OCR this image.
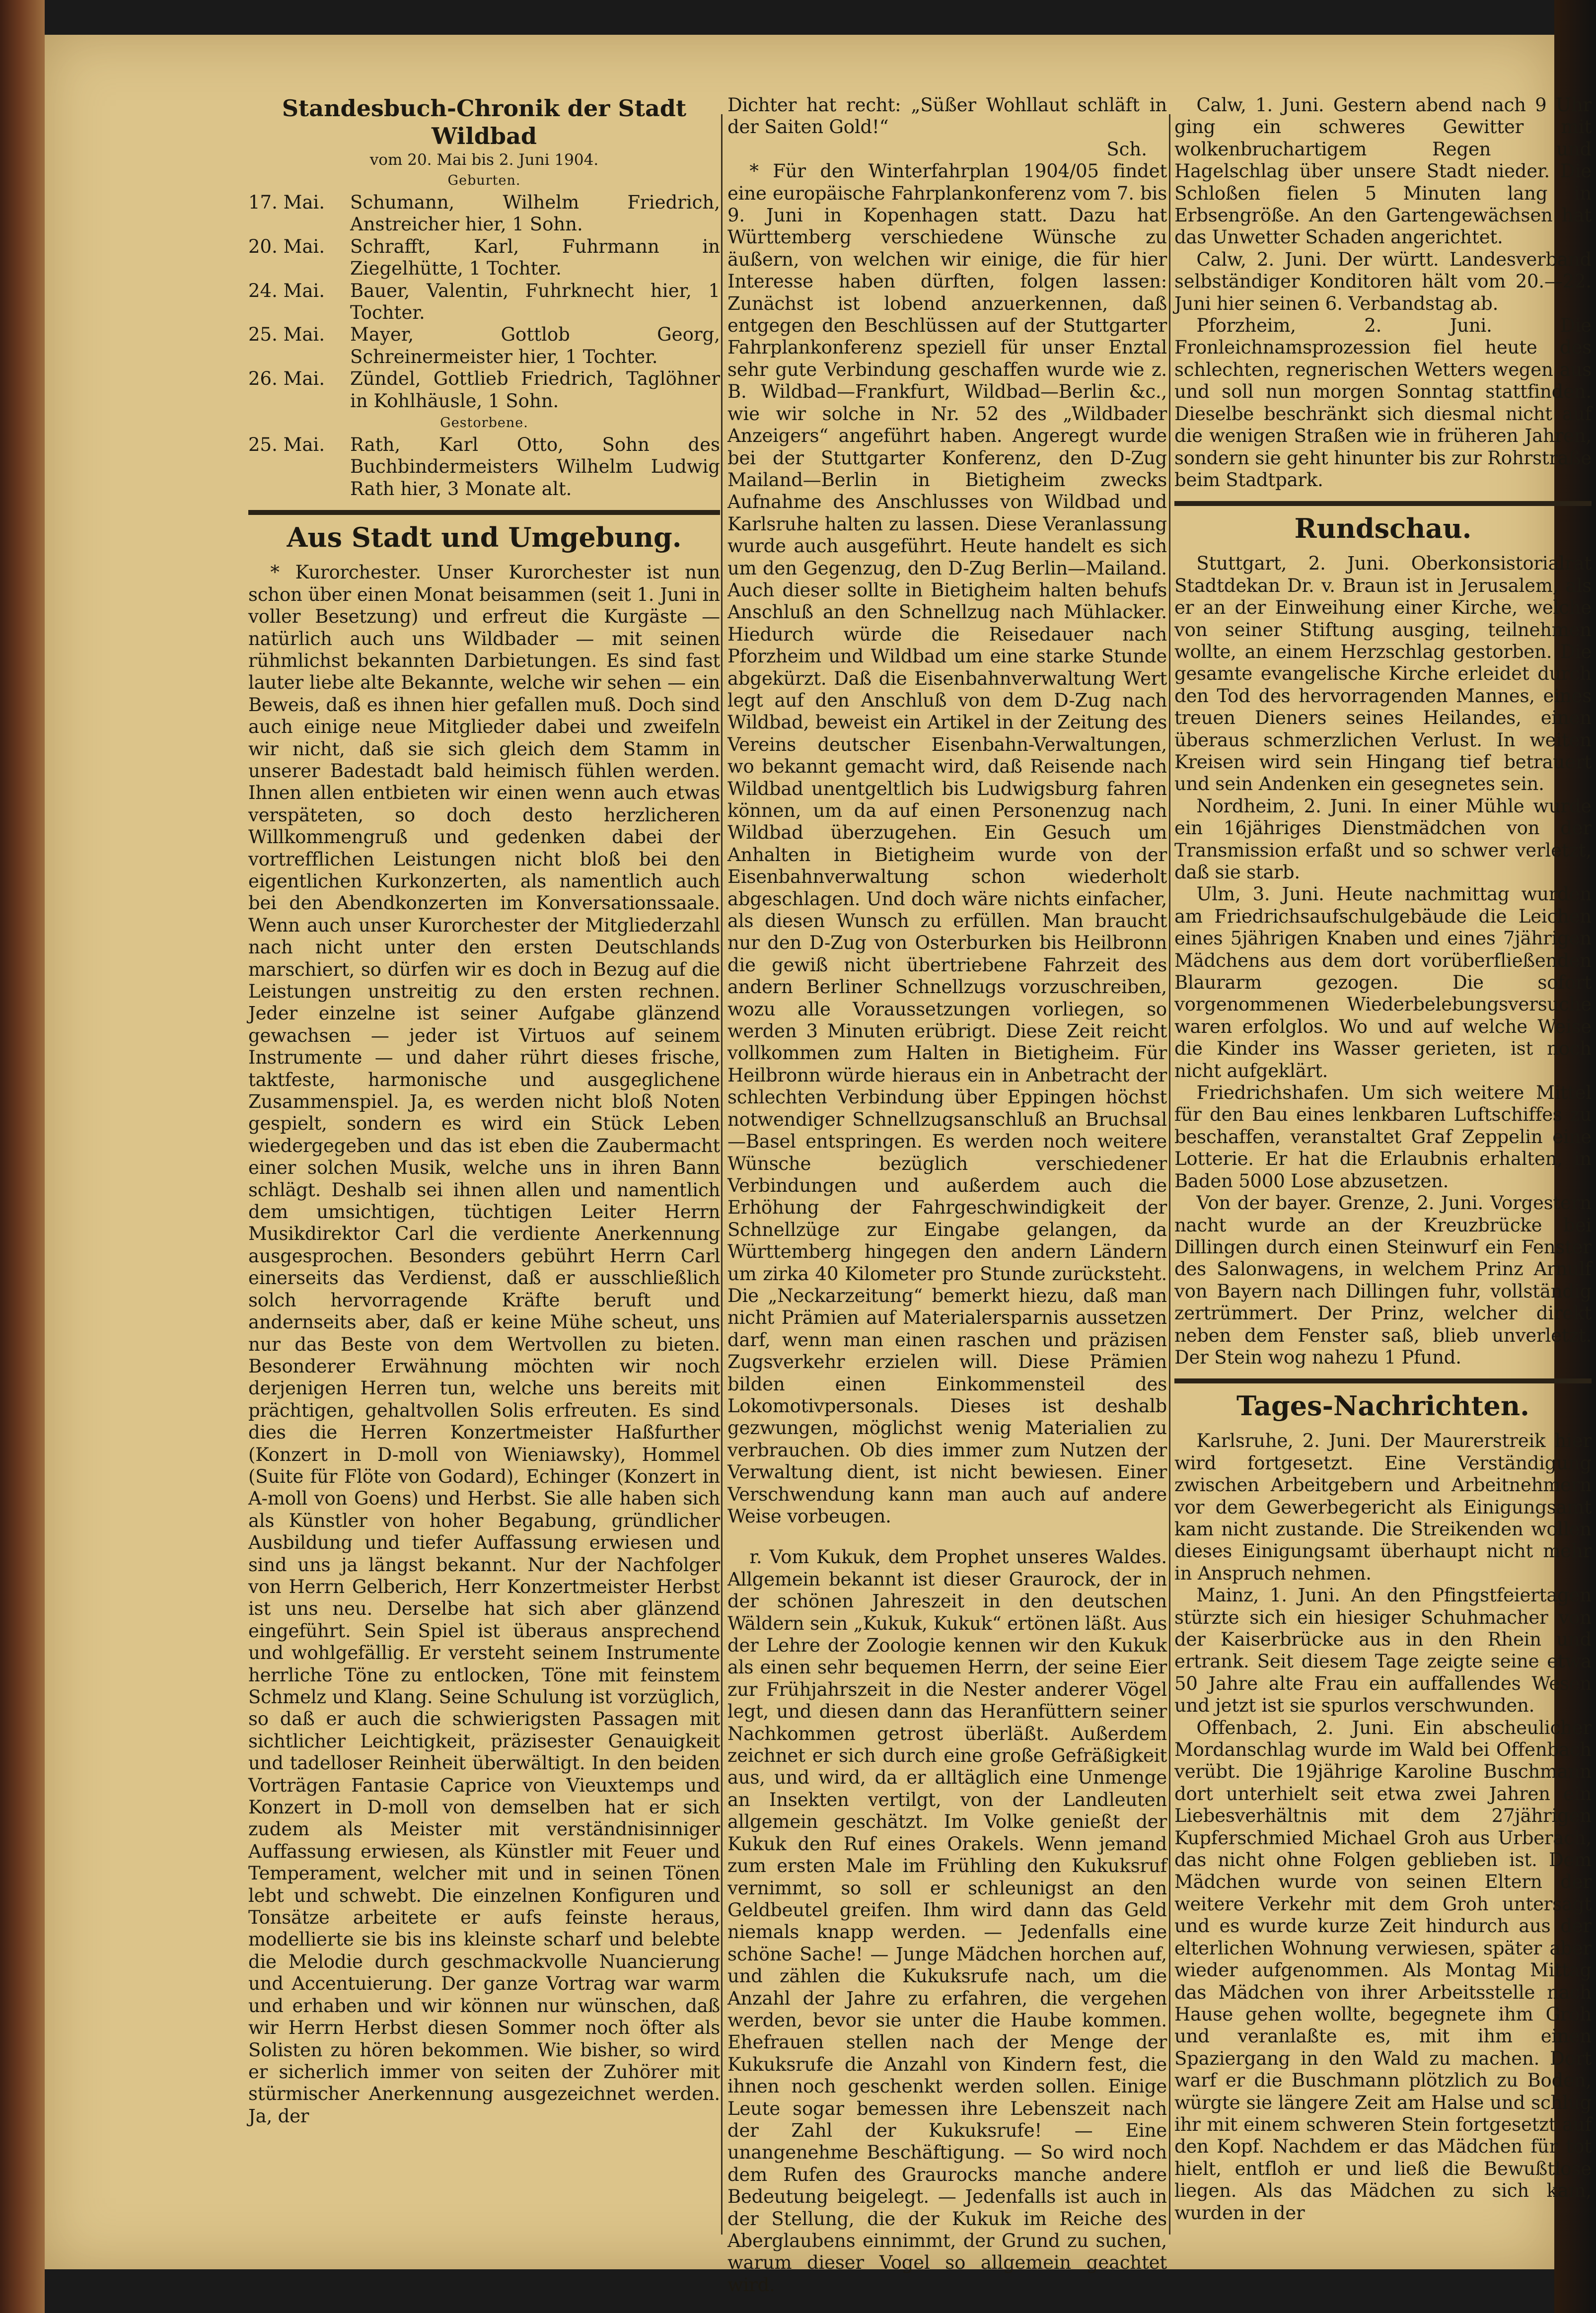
Standesbuch-Chronik der Stadt Wildbad

vom 20. Mai bis 2. Juni 1904.

Geburten.

17. Mai.	Schumann, Wilhelm Friedrich, Anstreicher hier, 1 Sohn.
20. Mai.	Schrafft, Karl, Fuhrmann in Ziegelhütte, 1 Tochter.
24. Mai.	Bauer, Valentin, Fuhrknecht hier, 1 Tochter.
25. Mai.	Mayer, Gottlob Georg, Schreinermeister hier, 1 Tochter.
26. Mai.	Zündel, Gottlieb Friedrich, Taglöhner in Kohlhäusle, 1 Sohn.

Gestorbene.

25. Mai.	Rath, Karl Otto, Sohn des Buchbindermeisters Wilhelm Ludwig Rath hier, 3 Monate alt.

Aus Stadt und Umgebung.

* Kurorchester. Unser Kurorchester ist nun schon über einen Monat beisammen (seit 1. Juni in voller Besetzung) und erfreut die Kurgäste — natürlich auch uns Wildbader — mit seinen rühmlichst bekannten Darbietungen. Es sind fast lauter liebe alte Bekannte, welche wir sehen — ein Beweis, daß es ihnen hier gefallen muß. Doch sind auch einige neue Mitglieder dabei und zweifeln wir nicht, daß sie sich gleich dem Stamm in unserer Badestadt bald heimisch fühlen werden. Ihnen allen entbieten wir einen wenn auch etwas verspäteten, so doch desto herzlicheren Willkommengruß und gedenken dabei der vortrefflichen Leistungen nicht bloß bei den eigentlichen Kurkonzerten, als namentlich auch bei den Abendkonzerten im Konversationssaale. Wenn auch unser Kurorchester der Mitgliederzahl nach nicht unter den ersten Deutschlands marschiert, so dürfen wir es doch in Bezug auf die Leistungen unstreitig zu den ersten rechnen. Jeder einzelne ist seiner Aufgabe glänzend gewachsen — jeder ist Virtuos auf seinem Instrumente — und daher rührt dieses frische, taktfeste, harmonische und ausgeglichene Zusammenspiel. Ja, es werden nicht bloß Noten gespielt, sondern es wird ein Stück Leben wiedergegeben und das ist eben die Zaubermacht einer solchen Musik, welche uns in ihren Bann schlägt. Deshalb sei ihnen allen und namentlich dem umsichtigen, tüchtigen Leiter Herrn Musikdirektor Carl die verdiente Anerkennung ausgesprochen. Besonders gebührt Herrn Carl einerseits das Verdienst, daß er ausschließlich solch hervorragende Kräfte beruft und andernseits aber, daß er keine Mühe scheut, uns nur das Beste von dem Wertvollen zu bieten. Besonderer Erwähnung möchten wir noch derjenigen Herren tun, welche uns bereits mit prächtigen, gehaltvollen Solis erfreuten. Es sind dies die Herren Konzertmeister Haßfurther (Konzert in D-moll von Wieniawsky), Hommel (Suite für Flöte von Godard), Echinger (Konzert in A-moll von Goens) und Herbst. Sie alle haben sich als Künstler von hoher Begabung, gründlicher Ausbildung und tiefer Auffassung erwiesen und sind uns ja längst bekannt. Nur der Nachfolger von Herrn Gelberich, Herr Konzertmeister Herbst ist uns neu. Derselbe hat sich aber glänzend eingeführt. Sein Spiel ist überaus ansprechend und wohlgefällig. Er versteht seinem Instrumente herrliche Töne zu entlocken, Töne mit feinstem Schmelz und Klang. Seine Schulung ist vorzüglich, so daß er auch die schwierigsten Passagen mit sichtlicher Leichtigkeit, präzisester Genauigkeit und tadelloser Reinheit überwältigt. In den beiden Vorträgen Fantasie Caprice von Vieuxtemps und Konzert in D-moll von demselben hat er sich zudem als Meister mit verständnisinniger Auffassung erwiesen, als Künstler mit Feuer und Temperament, welcher mit und in seinen Tönen lebt und schwebt. Die einzelnen Konfiguren und Tonsätze arbeitete er aufs feinste heraus, modellierte sie bis ins kleinste scharf und belebte die Melodie durch geschmackvolle Nuancierung und Accentuierung. Der ganze Vortrag war warm und erhaben und wir können nur wünschen, daß wir Herrn Herbst diesen Sommer noch öfter als Solisten zu hören bekommen. Wie bisher, so wird er sicherlich immer von seiten der Zuhörer mit stürmischer Anerkennung ausgezeichnet werden. Ja, der

Dichter hat recht: „Süßer Wohllaut schläft in der Saiten Gold!“

Sch.

* Für den Winterfahrplan 1904/05 findet eine europäische Fahrplankonferenz vom 7. bis 9. Juni in Kopenhagen statt. Dazu hat Württemberg verschiedene Wünsche zu äußern, von welchen wir einige, die für hier Interesse haben dürften, folgen lassen: Zunächst ist lobend anzuerkennen, daß entgegen den Beschlüssen auf der Stuttgarter Fahrplankonferenz speziell für unser Enztal sehr gute Verbindung geschaffen wurde wie z. B. Wildbad—Frankfurt, Wildbad—Berlin &c., wie wir solche in Nr. 52 des „Wildbader Anzeigers“ angeführt haben. Angeregt wurde bei der Stuttgarter Konferenz, den D-Zug Mailand—Berlin in Bietigheim zwecks Aufnahme des Anschlusses von Wildbad und Karlsruhe halten zu lassen. Diese Veranlassung wurde auch ausgeführt. Heute handelt es sich um den Gegenzug, den D-Zug Berlin—Mailand. Auch dieser sollte in Bietigheim halten behufs Anschluß an den Schnellzug nach Mühlacker. Hiedurch würde die Reisedauer nach Pforzheim und Wildbad um eine starke Stunde abgekürzt. Daß die Eisenbahnverwaltung Wert legt auf den Anschluß von dem D-Zug nach Wildbad, beweist ein Artikel in der Zeitung des Vereins deutscher Eisenbahn-Verwaltungen, wo bekannt gemacht wird, daß Reisende nach Wildbad unentgeltlich bis Ludwigsburg fahren können, um da auf einen Personenzug nach Wildbad überzugehen. Ein Gesuch um Anhalten in Bietigheim wurde von der Eisenbahnverwaltung schon wiederholt abgeschlagen. Und doch wäre nichts einfacher, als diesen Wunsch zu erfüllen. Man braucht nur den D-Zug von Osterburken bis Heilbronn die gewiß nicht übertriebene Fahrzeit des andern Berliner Schnellzugs vorzuschreiben, wozu alle Voraussetzungen vorliegen, so werden 3 Minuten erübrigt. Diese Zeit reicht vollkommen zum Halten in Bietigheim. Für Heilbronn würde hieraus ein in Anbetracht der schlechten Verbindung über Eppingen höchst notwendiger Schnellzugsanschluß an Bruchsal—Basel entspringen. Es werden noch weitere Wünsche bezüglich verschiedener Verbindungen und außerdem auch die Erhöhung der Fahrgeschwindigkeit der Schnellzüge zur Eingabe gelangen, da Württemberg hingegen den andern Ländern um zirka 40 Kilometer pro Stunde zurücksteht. Die „Neckarzeitung“ bemerkt hiezu, daß man nicht Prämien auf Materialersparnis aussetzen darf, wenn man einen raschen und präzisen Zugsverkehr erzielen will. Diese Prämien bilden einen Einkommensteil des Lokomotivpersonals. Dieses ist deshalb gezwungen, möglichst wenig Materialien zu verbrauchen. Ob dies immer zum Nutzen der Verwaltung dient, ist nicht bewiesen. Einer Verschwendung kann man auch auf andere Weise vorbeugen.

r. Vom Kukuk, dem Prophet unseres Waldes. Allgemein bekannt ist dieser Graurock, der in der schönen Jahreszeit in den deutschen Wäldern sein „Kukuk, Kukuk“ ertönen läßt. Aus der Lehre der Zoologie kennen wir den Kukuk als einen sehr bequemen Herrn, der seine Eier zur Frühjahrszeit in die Nester anderer Vögel legt, und diesen dann das Heranfüttern seiner Nachkommen getrost überläßt. Außerdem zeichnet er sich durch eine große Gefräßigkeit aus, und wird, da er alltäglich eine Unmenge an Insekten vertilgt, von der Landleuten allgemein geschätzt. Im Volke genießt der Kukuk den Ruf eines Orakels. Wenn jemand zum ersten Male im Frühling den Kukuksruf vernimmt, so soll er schleunigst an den Geldbeutel greifen. Ihm wird dann das Geld niemals knapp werden. — Jedenfalls eine schöne Sache! — Junge Mädchen horchen auf, und zählen die Kukuksrufe nach, um die Anzahl der Jahre zu erfahren, die vergehen werden, bevor sie unter die Haube kommen. Ehefrauen stellen nach der Menge der Kukuksrufe die Anzahl von Kindern fest, die ihnen noch geschenkt werden sollen. Einige Leute sogar bemessen ihre Lebenszeit nach der Zahl der Kukuksrufe! — Eine unangenehme Beschäftigung. — So wird noch dem Rufen des Graurocks manche andere Bedeutung beigelegt. — Jedenfalls ist auch in der Stellung, die der Kukuk im Reiche des Aberglaubens einnimmt, der Grund zu suchen, warum dieser Vogel so allgemein geachtet wird.

Calw, 1. Juni. Gestern abend nach 9 Uhr ging ein schweres Gewitter mit wolkenbruchartigem Regen und Hagelschlag über unsere Stadt nieder. Die Schloßen fielen 5 Minuten lang in Erbsengröße. An den Gartengewächsen hat das Unwetter Schaden angerichtet.

Calw, 2. Juni. Der württ. Landesverband selbständiger Konditoren hält vom 20.—22. Juni hier seinen 6. Verbandstag ab.

Pforzheim, 2. Juni. Die Fronleichnamsprozession fiel heute des schlechten, regnerischen Wetters wegen aus und soll nun morgen Sonntag stattfinden. Dieselbe beschränkt sich diesmal nicht auf die wenigen Straßen wie in früheren Jahren, sondern sie geht hinunter bis zur Rohrstraße beim Stadtpark.

Rundschau.

Stuttgart, 2. Juni. Oberkonsistorialrat Stadtdekan Dr. v. Braun ist in Jerusalem, als er an der Einweihung einer Kirche, welche von seiner Stiftung ausging, teilnehmen wollte, an einem Herzschlag gestorben. Die gesamte evangelische Kirche erleidet durch den Tod des hervorragenden Mannes, eines treuen Dieners seines Heilandes, einen überaus schmerzlichen Verlust. In weiten Kreisen wird sein Hingang tief betrauert und sein Andenken ein gesegnetes sein.

Nordheim, 2. Juni. In einer Mühle wurde ein 16jähriges Dienstmädchen von der Transmission erfaßt und so schwer verletzt, daß sie starb.

Ulm, 3. Juni. Heute nachmittag wurden am Friedrichsaufschulgebäude die Leichen eines 5jährigen Knaben und eines 7jährigen Mädchens aus dem dort vorüberfließenden Blaurarm gezogen. Die sofort vorgenommenen Wiederbelebungsversuche waren erfolglos. Wo und auf welche Weise die Kinder ins Wasser gerieten, ist noch nicht aufgeklärt.

Friedrichshafen. Um sich weitere Mittel für den Bau eines lenkbaren Luftschiffes zu beschaffen, veranstaltet Graf Zeppelin eine Lotterie. Er hat die Erlaubnis erhalten, in Baden 5000 Lose abzusetzen.

Von der bayer. Grenze, 2. Juni. Vorgestern nacht wurde an der Kreuzbrücke bei Dillingen durch einen Steinwurf ein Fenster des Salonwagens, in welchem Prinz Arnulf von Bayern nach Dillingen fuhr, vollständig zertrümmert. Der Prinz, welcher direkt neben dem Fenster saß, blieb unverletzt. Der Stein wog nahezu 1 Pfund.

Tages-Nachrichten.

Karlsruhe, 2. Juni. Der Maurerstreik hier wird fortgesetzt. Eine Verständigung zwischen Arbeitgebern und Arbeitnehmern vor dem Gewerbegericht als Einigungsamt kam nicht zustande. Die Streikenden wollen dieses Einigungsamt überhaupt nicht mehr in Anspruch nehmen.

Mainz, 1. Juni. An den Pfingstfeiertagen stürzte sich ein hiesiger Schuhmacher von der Kaiserbrücke aus in den Rhein und ertrank. Seit diesem Tage zeigte seine etwa 50 Jahre alte Frau ein auffallendes Wesen und jetzt ist sie spurlos verschwunden.

Offenbach, 2. Juni. Ein abscheulicher Mordanschlag wurde im Wald bei Offenbach verübt. Die 19jährige Karoline Buschmann dort unterhielt seit etwa zwei Jahren ein Liebesverhältnis mit dem 27jährigen Kupferschmied Michael Groh aus Urberach, das nicht ohne Folgen geblieben ist. Dem Mädchen wurde von seinen Eltern der weitere Verkehr mit dem Groh untersagt und es wurde kurze Zeit hindurch aus der elterlichen Wohnung verwiesen, später aber wieder aufgenommen. Als Montag Mittag das Mädchen von ihrer Arbeitsstelle nach Hause gehen wollte, begegnete ihm Groh und veranlaßte es, mit ihm einen Spaziergang in den Wald zu machen. Dort warf er die Buschmann plötzlich zu Boden, würgte sie längere Zeit am Halse und schlug ihr mit einem schweren Stein fortgesetzt auf den Kopf. Nachdem er das Mädchen für tot hielt, entfloh er und ließ die Bewußtlose liegen. Als das Mädchen zu sich kam, wurden in der
